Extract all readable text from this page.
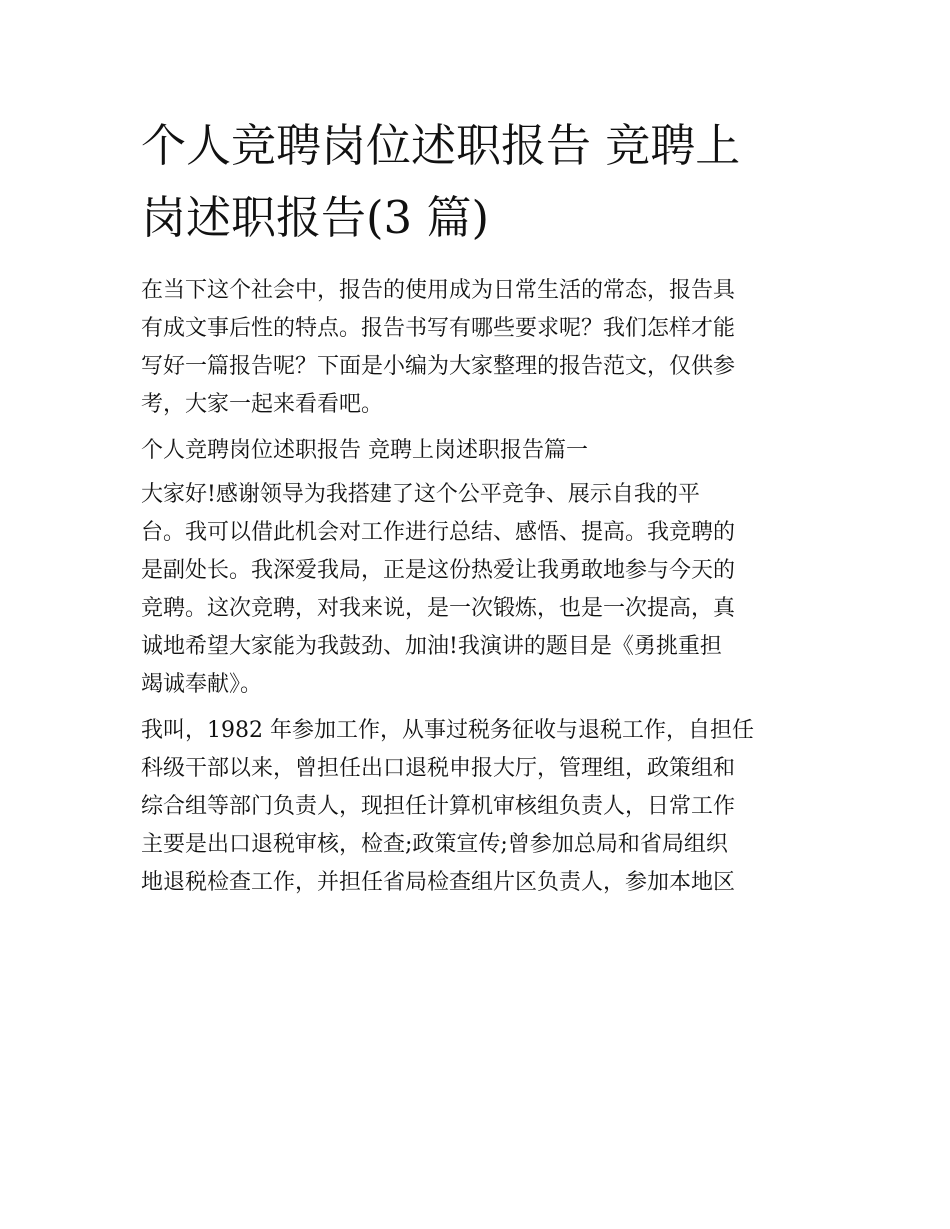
个人竞聘岗位述职报告 竞聘上
岗述职报告(3 篇)
在当下这个社会中，报告的使用成为日常生活的常态，报告具
有成文事后性的特点。报告书写有哪些要求呢？我们怎样才能
写好一篇报告呢？下面是小编为大家整理的报告范文，仅供参
考，大家一起来看看吧。
个人竞聘岗位述职报告 竞聘上岗述职报告篇一
大家好!感谢领导为我搭建了这个公平竞争、展示自我的平
台。我可以借此机会对工作进行总结、感悟、提高。我竞聘的
是副处长。我深爱我局，正是这份热爱让我勇敢地参与今天的
竞聘。这次竞聘，对我来说，是一次锻炼，也是一次提高，真
诚地希望大家能为我鼓劲、加油!我演讲的题目是《勇挑重担
竭诚奉献》。
我叫，1982 年参加工作，从事过税务征收与退税工作，自担任
科级干部以来，曾担任出口退税申报大厅，管理组，政策组和
综合组等部门负责人，现担任计算机审核组负责人，日常工作
主要是出口退税审核，检查;政策宣传;曾参加总局和省局组织
地退税检查工作，并担任省局检查组片区负责人，参加本地区
